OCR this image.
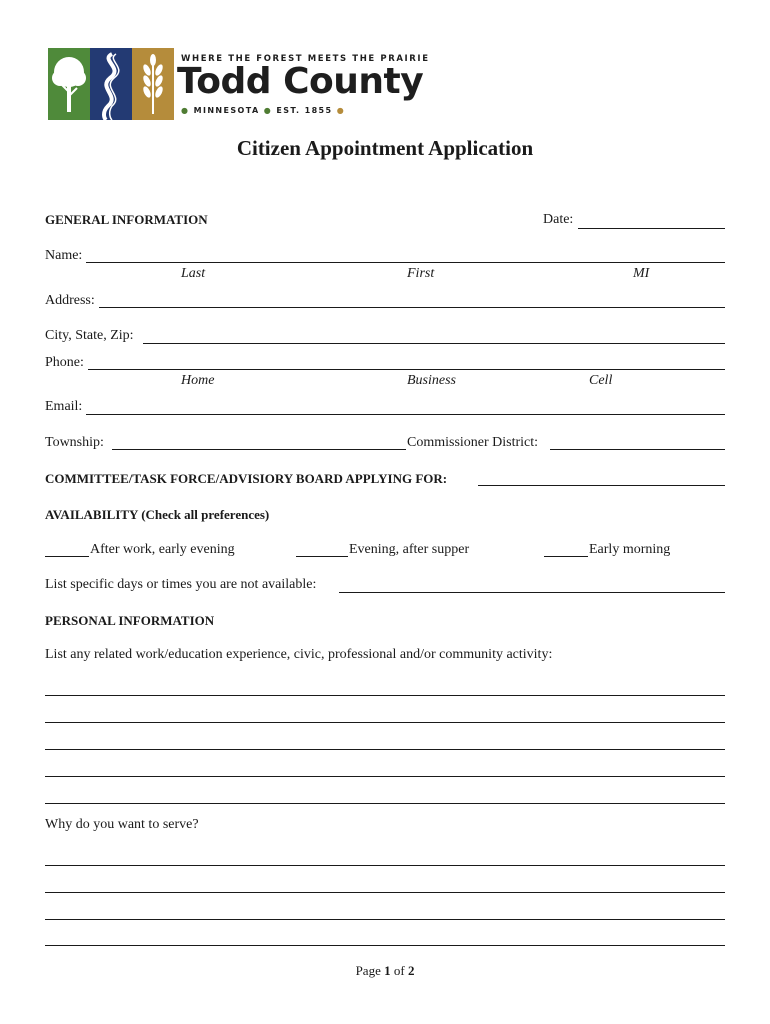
WHERE THE FOREST MEETS THE PRAIRIE
Todd County
● MINNESOTA ● EST. 1855 ●
Citizen Appointment Application
GENERAL INFORMATION	Date:
Name:
Last	First	MI
Address:
City, State, Zip:
Phone:
Home	Business	Cell
Email:
Township:	Commissioner District:
COMMITTEE/TASK FORCE/ADVISIORY BOARD APPLYING FOR:
AVAILABILITY (Check all preferences)
After work, early evening	Evening, after supper	Early morning
List specific days or times you are not available:
PERSONAL INFORMATION
List any related work/education experience, civic, professional and/or community activity:
Why do you want to serve?
Page 1 of 2
